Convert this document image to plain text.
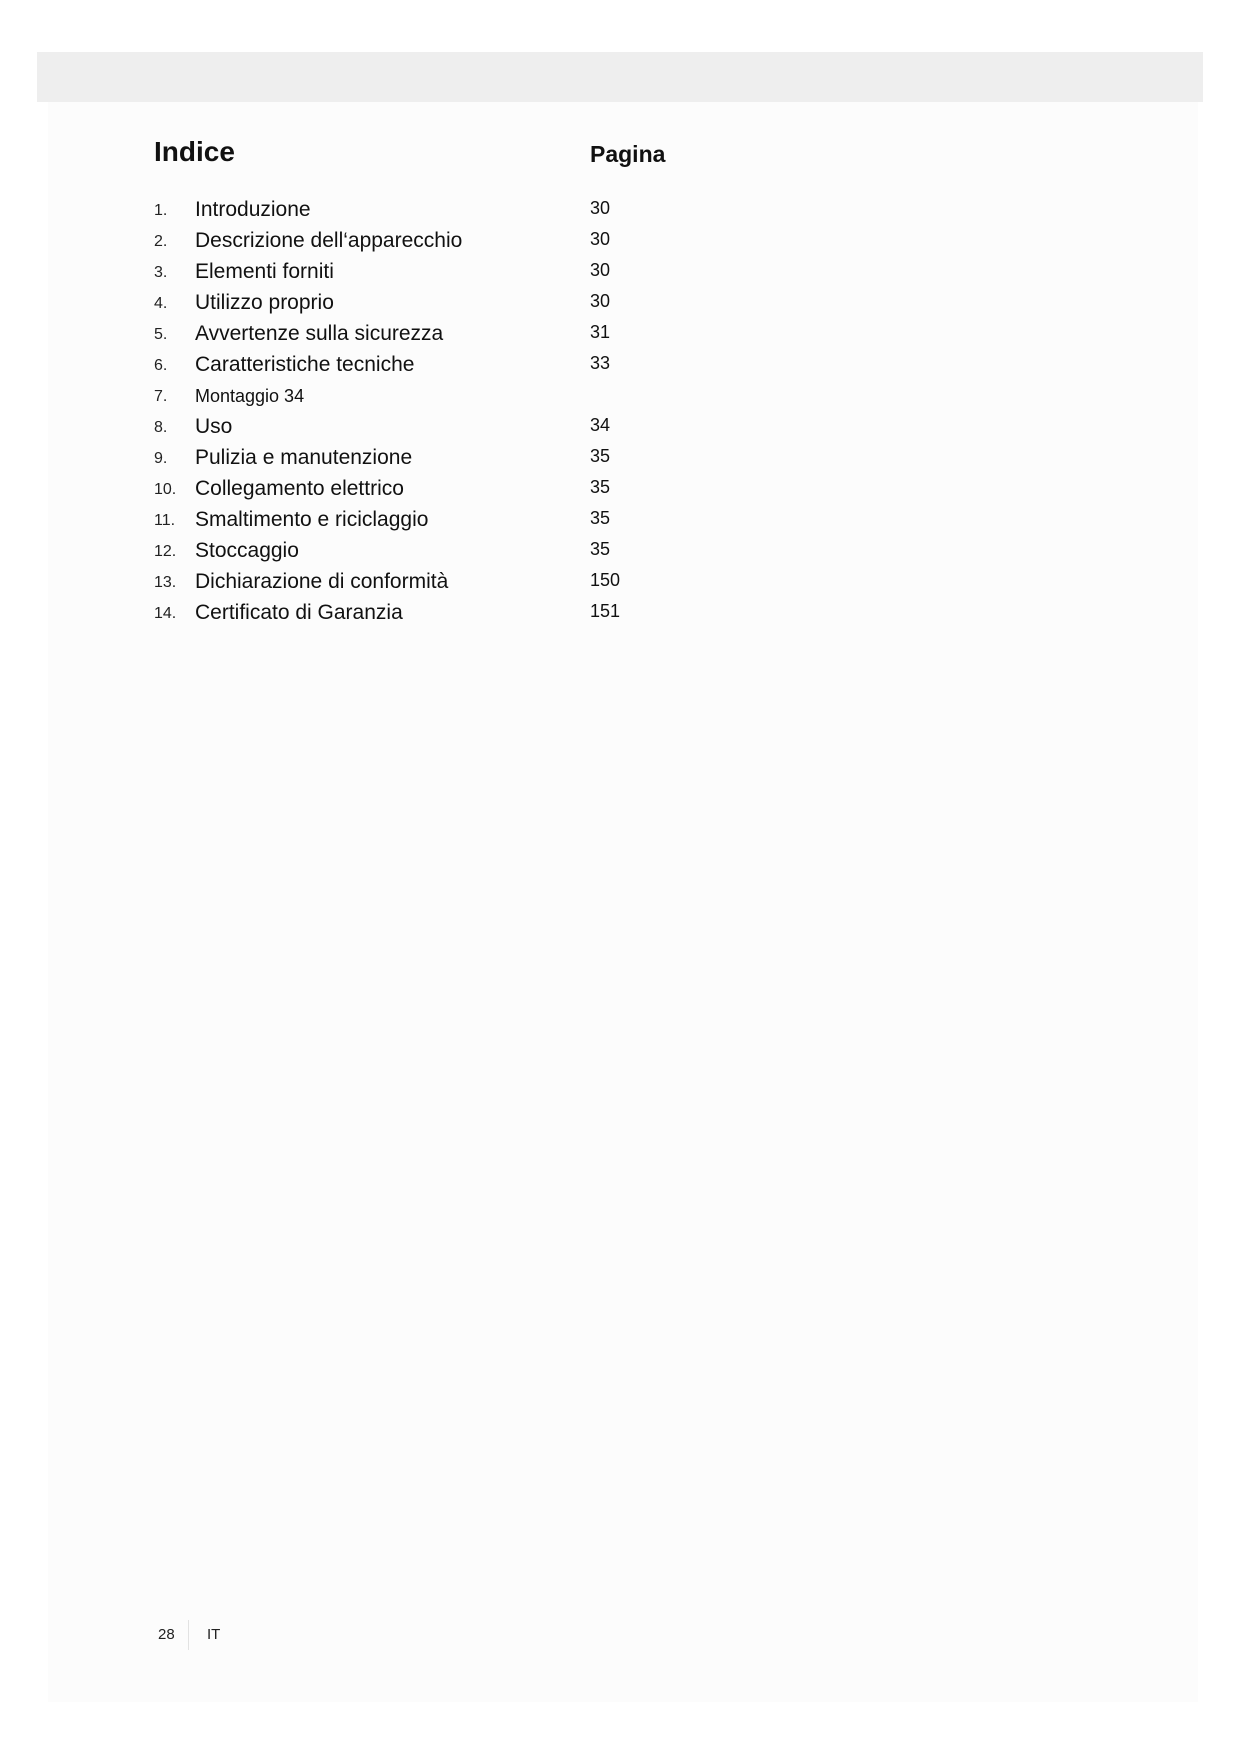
Indice	Pagina
1. Introduzione	30
2. Descrizione dell‘apparecchio	30
3. Elementi forniti	30
4. Utilizzo proprio	30
5. Avvertenze sulla sicurezza	31
6. Caratteristiche tecniche	33
7. Montaggio 34
8. Uso	34
9. Pulizia e manutenzione	35
10. Collegamento elettrico	35
11. Smaltimento e riciclaggio	35
12. Stoccaggio	35
13. Dichiarazione di conformità	150
14. Certificato di Garanzia	151
28 IT
